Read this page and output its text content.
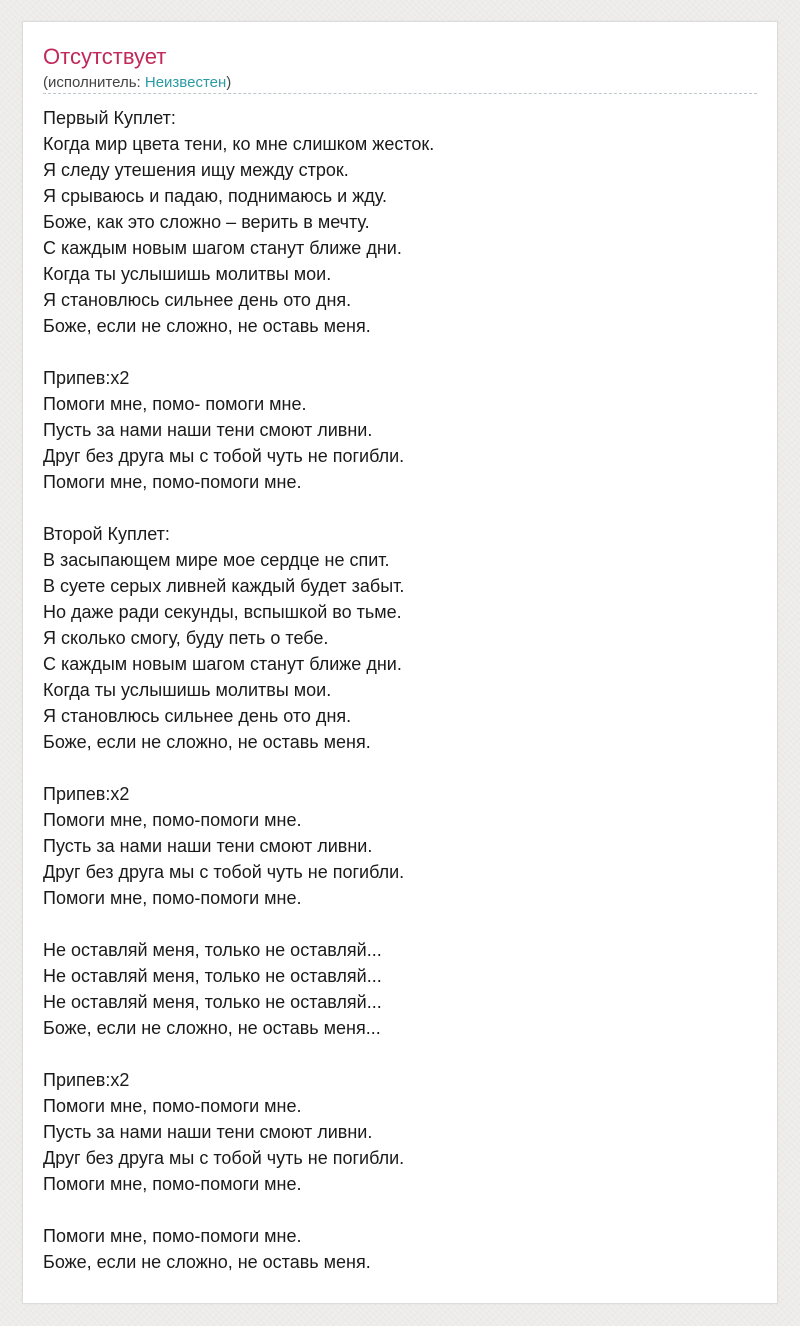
Отсутствует
(исполнитель: Неизвестен)
Первый Куплет:
Когда мир цвета тени, ко мне слишком жесток.
Я следу утешения ищу между строк.
Я срываюсь и падаю, поднимаюсь и жду.
Боже, как это сложно – верить в мечту.
С каждым новым шагом станут ближе дни.
Когда ты услышишь молитвы мои.
Я становлюсь сильнее день ото дня.
Боже, если не сложно, не оставь меня.
Припев:x2
Помоги мне, помо- помоги мне.
Пусть за нами наши тени смоют ливни.
Друг без друга мы с тобой чуть не погибли.
Помоги мне, помо-помоги мне.
Второй Куплет:
В засыпающем мире мое сердце не спит.
В суете серых ливней каждый будет забыт.
Но даже ради секунды, вспышкой во тьме.
Я сколько смогу, буду петь о тебе.
С каждым новым шагом станут ближе дни.
Когда ты услышишь молитвы мои.
Я становлюсь сильнее день ото дня.
Боже, если не сложно, не оставь меня.
Припев:x2
Помоги мне, помо-помоги мне.
Пусть за нами наши тени смоют ливни.
Друг без друга мы с тобой чуть не погибли.
Помоги мне, помо-помоги мне.
Не оставляй меня, только не оставляй...
Не оставляй меня, только не оставляй...
Не оставляй меня, только не оставляй...
Боже, если не сложно, не оставь меня...
Припев:x2
Помоги мне, помо-помоги мне.
Пусть за нами наши тени смоют ливни.
Друг без друга мы с тобой чуть не погибли.
Помоги мне, помо-помоги мне.
Помоги мне, помо-помоги мне.
Боже, если не сложно, не оставь меня.
